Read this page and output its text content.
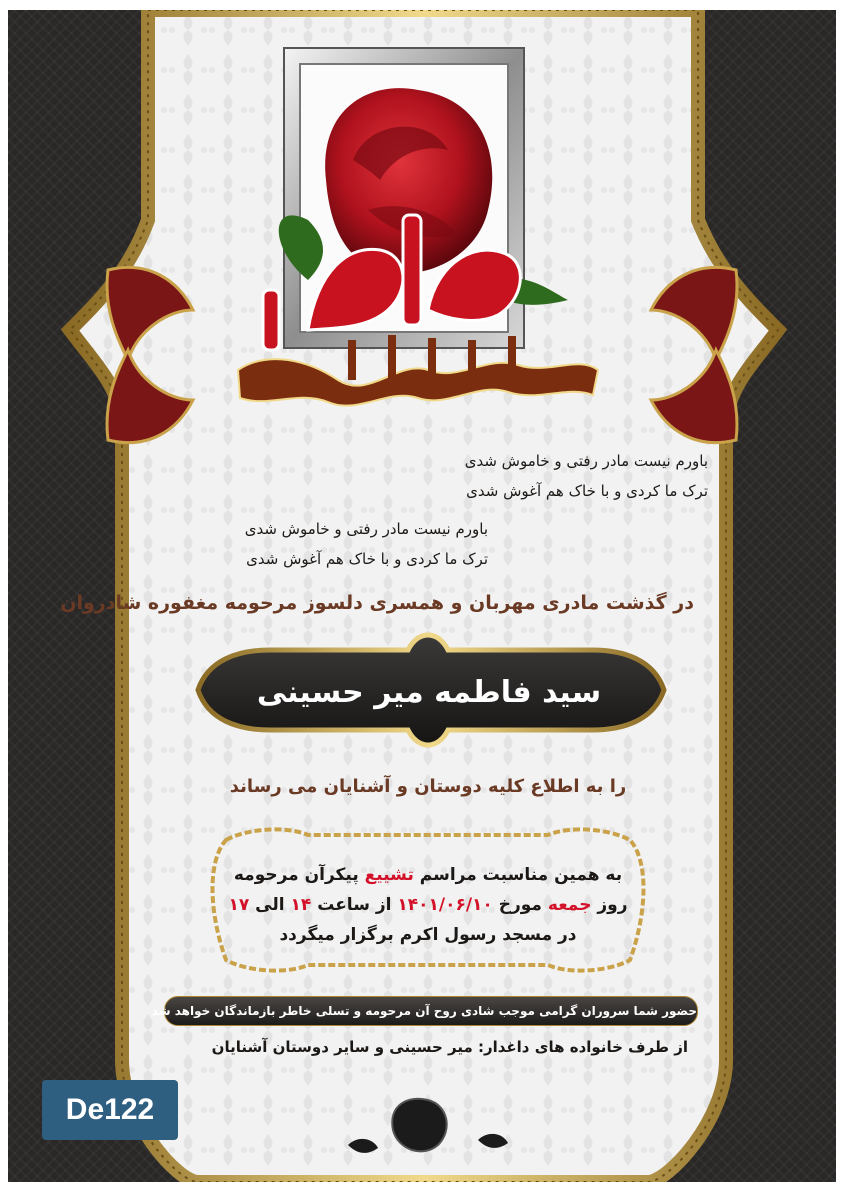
باورم نیست مادر رفتی و خاموش شدی
ترک ما کردی و با خاک هم آغوش شدی
باورم نیست مادر رفتی و خاموش شدی
ترک ما کردی و با خاک هم آغوش شدی
در گذشت مادری مهربان و همسری دلسوز مرحومه مغفوره شادروان
سید فاطمه میر حسینی
را به اطلاع کلیه دوستان و آشنایان می رساند
به همین مناسبت مراسم تشییع پیکرآن مرحومه
روز جمعه مورخ ۱۴۰۱/۰۶/۱۰ از ساعت ۱۴ الی ۱۷
در مسجد رسول اکرم برگزار میگردد
حضور شما سروران گرامی موجب شادی روح آن مرحومه و تسلی خاطر بازماندگان خواهد شد
از طرف خانواده های داغدار: میر حسینی و سایر دوستان آشنایان
De122
